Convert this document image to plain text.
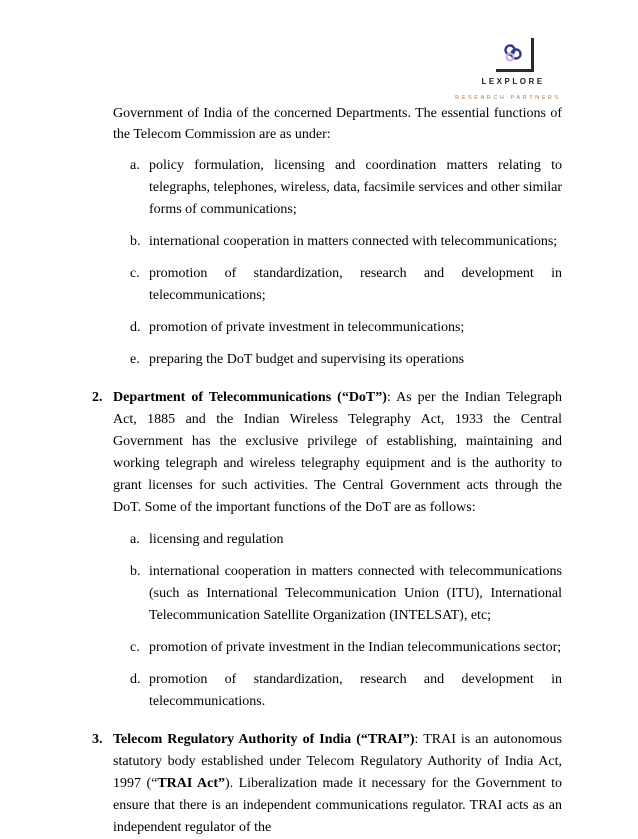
LEXPLORE
RESEARCH PARTNERS

Government of India of the concerned Departments. The essential functions of the Telecom Commission are as under:

a. policy formulation, licensing and coordination matters relating to telegraphs, telephones, wireless, data, facsimile services and other similar forms of communications;
b. international cooperation in matters connected with telecommunications;
c. promotion of standardization, research and development in telecommunications;
d. promotion of private investment in telecommunications;
e. preparing the DoT budget and supervising its operations
2. Department of Telecommunications (“DoT”): As per the Indian Telegraph Act, 1885 and the Indian Wireless Telegraphy Act, 1933 the Central Government has the exclusive privilege of establishing, maintaining and working telegraph and wireless telegraphy equipment and is the authority to grant licenses for such activities. The Central Government acts through the DoT. Some of the important functions of the DoT are as follows:
a. licensing and regulation
b. international cooperation in matters connected with telecommunications (such as International Telecommunication Union (ITU), International Telecommunication Satellite Organization (INTELSAT), etc;
c. promotion of private investment in the Indian telecommunications sector;
d. promotion of standardization, research and development in telecommunications.
3. Telecom Regulatory Authority of India (“TRAI”): TRAI is an autonomous statutory body established under Telecom Regulatory Authority of India Act, 1997 (“TRAI Act”). Liberalization made it necessary for the Government to ensure that there is an independent communications regulator. TRAI acts as an independent regulator of the
